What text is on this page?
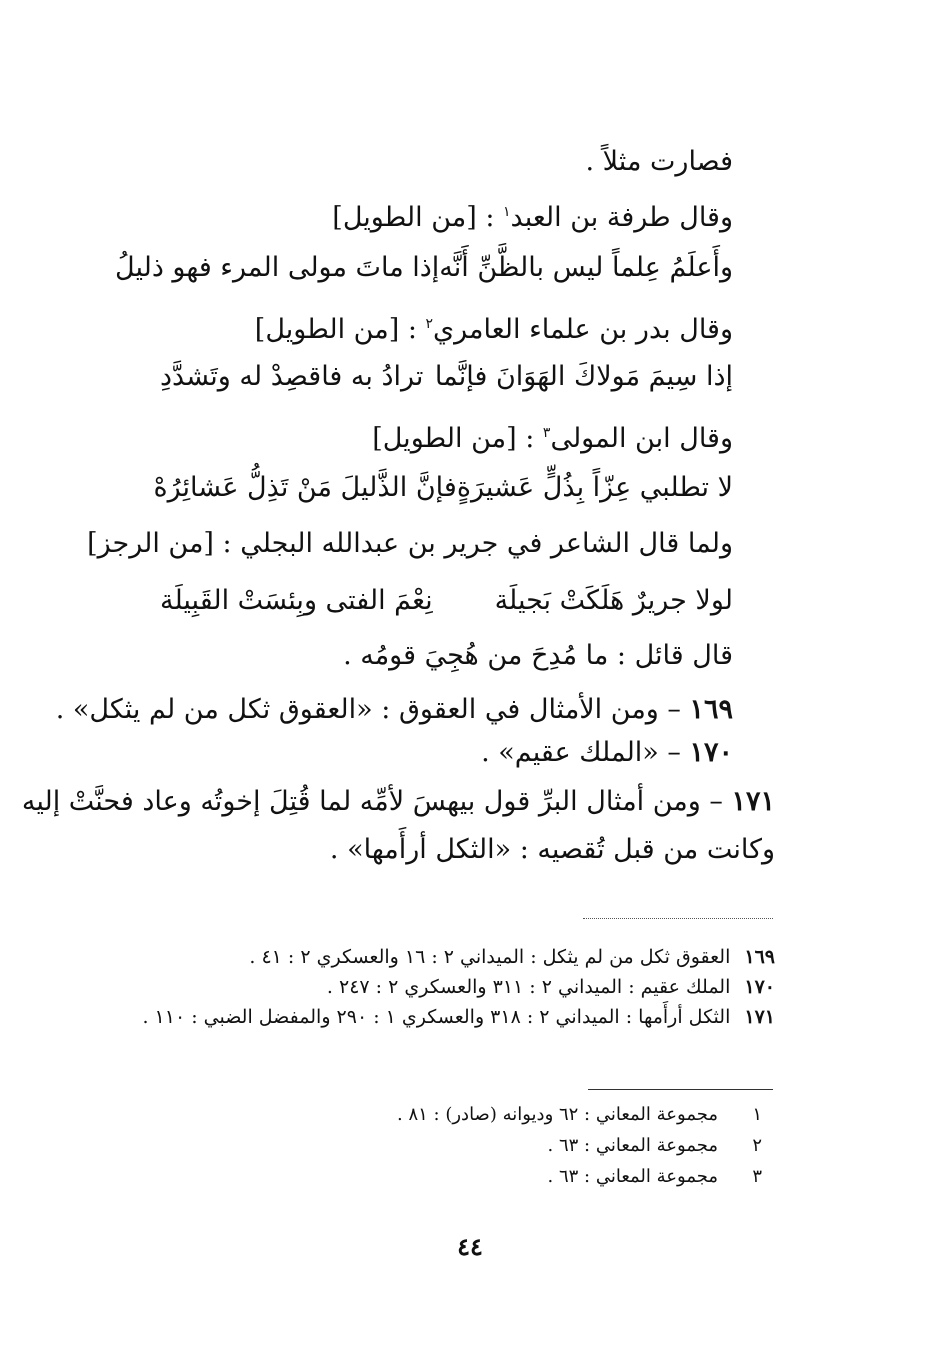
فصارت مثلاً .
وقال طرفة بن العبد$^١$ : [من الطويل]
وأَعلَمُ عِلماً ليس بالظَّنِّ أَنَّه
إذا ماتَ مولى المرء فهو ذليلُ
وقال بدر بن علماء العامري$^٢$ : [من الطويل]
إذا سِيمَ مَولاكَ الهَوَانَ فإنَّما
ترادُ به فاقصِدْ له وتَشدَّدِ
وقال ابن المولى$^٣$ : [من الطويل]
لا تطلبي عِزّاً بِذُلٍّ عَشيرَةٍ
فإنَّ الذَّليلَ مَنْ تَذِلُّ عَشائِرُهْ
ولما قال الشاعر في جرير بن عبدالله البجلي : [من الرجز]
لولا جريرٌ هَلَكَتْ بَجيلَة
نِعْمَ الفتى وبِئسَتْ القَبِيلَة
قال قائل : ما مُدِحَ من هُجِيَ قومُه .
١٦٩ – ومن الأمثال في العقوق : «العقوق ثكل من لم يثكل» .
١٧٠ – «الملك عقيم» .
١٧١ – ومن أمثال البرِّ قول بيهسَ لأمِّه لما قُتِلَ إخوتُه وعاد فحنَّتْ إليه
وكانت من قبل تُقصيه : «الثكل أرأَمها» .
١٦٩العقوق ثكل من لم يثكل : الميداني ٢ : ١٦ والعسكري ٢ : ٤١ .
١٧٠الملك عقيم : الميداني ٢ : ٣١١ والعسكري ٢ : ٢٤٧ .
١٧١الثكل أرأَمها : الميداني ٢ : ٣١٨ والعسكري ١ : ٢٩٠ والمفضل الضبي : ١١٠ .
١مجموعة المعاني : ٦٢ وديوانه (صادر) : ٨١ .
٢مجموعة المعاني : ٦٣ .
٣مجموعة المعاني : ٦٣ .
٤٤
